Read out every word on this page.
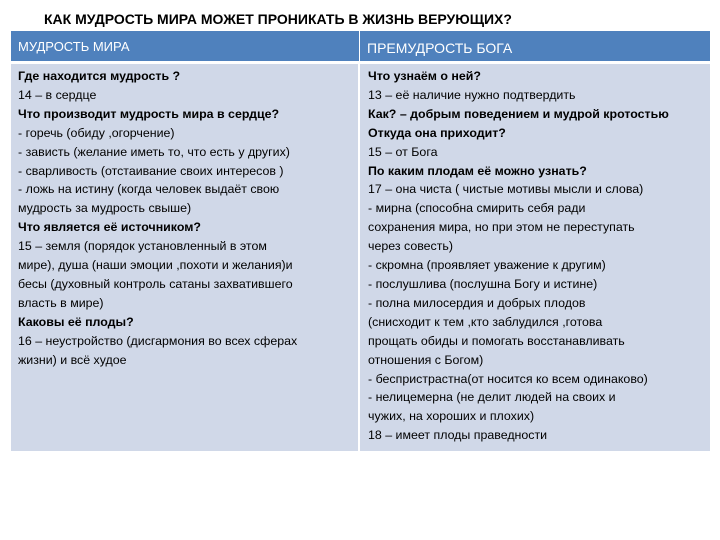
КАК МУДРОСТЬ МИРА МОЖЕТ ПРОНИКАТЬ В ЖИЗНЬ ВЕРУЮЩИХ?
МУДРОСТЬ МИРА	ПРЕМУДРОСТЬ БОГА
Где находится мудрость ?
14 – в сердце
Что производит мудрость мира в сердце?
- горечь (обиду ,огорчение)
- зависть (желание иметь то, что есть у других)
- сварливость (отстаивание своих интересов )
- ложь на истину (когда человек выдаёт свою
мудрость за мудрость свыше)
Что является её источником?
15 – земля (порядок установленный в этом
мире), душа (наши эмоции ,похоти и желания)и
бесы (духовный контроль сатаны захватившего
власть в мире)
Каковы её плоды?
16 – неустройство (дисгармония во всех сферах
жизни) и всё худое
Что узнаём о ней?
13 – её наличие нужно подтвердить
Как? – добрым поведением и мудрой кротостью
Откуда она приходит?
15 – от Бога
По каким плодам её можно узнать?
17 – она чиста ( чистые мотивы мысли и слова)
- мирна (способна смирить себя ради
сохранения мира, но при этом не переступать
через совесть)
- скромна (проявляет уважение к другим)
- послушлива (послушна Богу и истине)
- полна милосердия и добрых плодов
(снисходит к тем ,кто заблудился ,готова
прощать обиды и помогать восстанавливать
отношения с Богом)
- беспристрастна(от носится ко всем одинаково)
- нелицемерна (не делит людей на своих и
чужих, на хороших и плохих)
18 – имеет плоды праведности
